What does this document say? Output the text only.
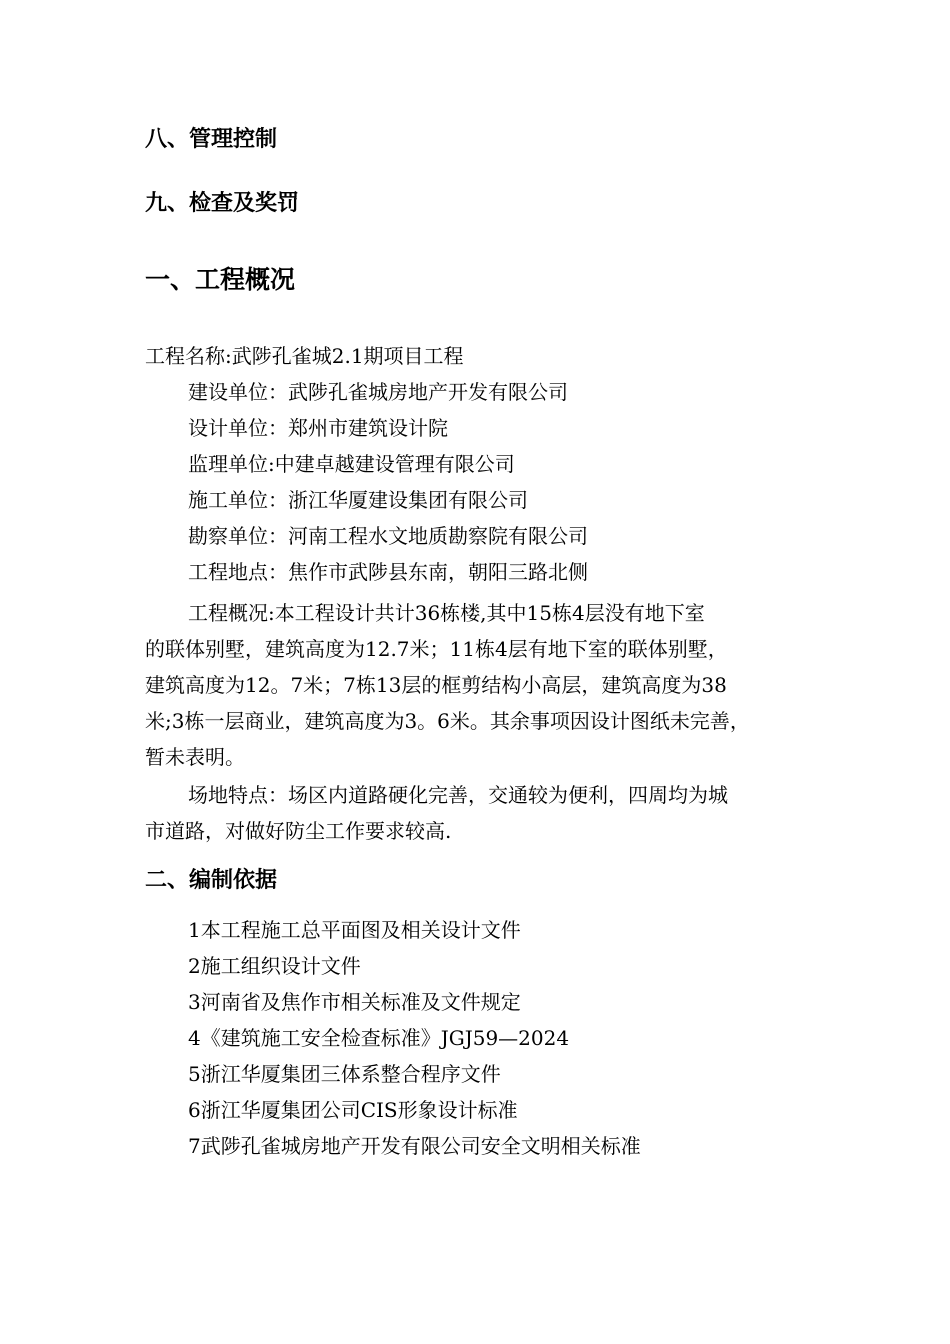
八、管理控制
九、检查及奖罚
一、工程概况
工程名称:武陟孔雀城2.1期项目工程
建设单位：武陟孔雀城房地产开发有限公司
设计单位：郑州市建筑设计院
监理单位:中建卓越建设管理有限公司
施工单位：浙江华厦建设集团有限公司
勘察单位：河南工程水文地质勘察院有限公司
工程地点：焦作市武陟县东南，朝阳三路北侧
工程概况:本工程设计共计36栋楼,其中15栋4层没有地下室
的联体别墅，建筑高度为12.7米；11栋4层有地下室的联体别墅，
建筑高度为12。7米；7栋13层的框剪结构小高层，建筑高度为38
米;3栋一层商业，建筑高度为3。6米。其余事项因设计图纸未完善，
暂未表明。
场地特点：场区内道路硬化完善，交通较为便利，四周均为城
市道路，对做好防尘工作要求较高.
二、编制依据
1本工程施工总平面图及相关设计文件
2施工组织设计文件
3河南省及焦作市相关标准及文件规定
4《建筑施工安全检查标准》JGJ59—2024
5浙江华厦集团三体系整合程序文件
6浙江华厦集团公司CIS形象设计标准
7武陟孔雀城房地产开发有限公司安全文明相关标准
